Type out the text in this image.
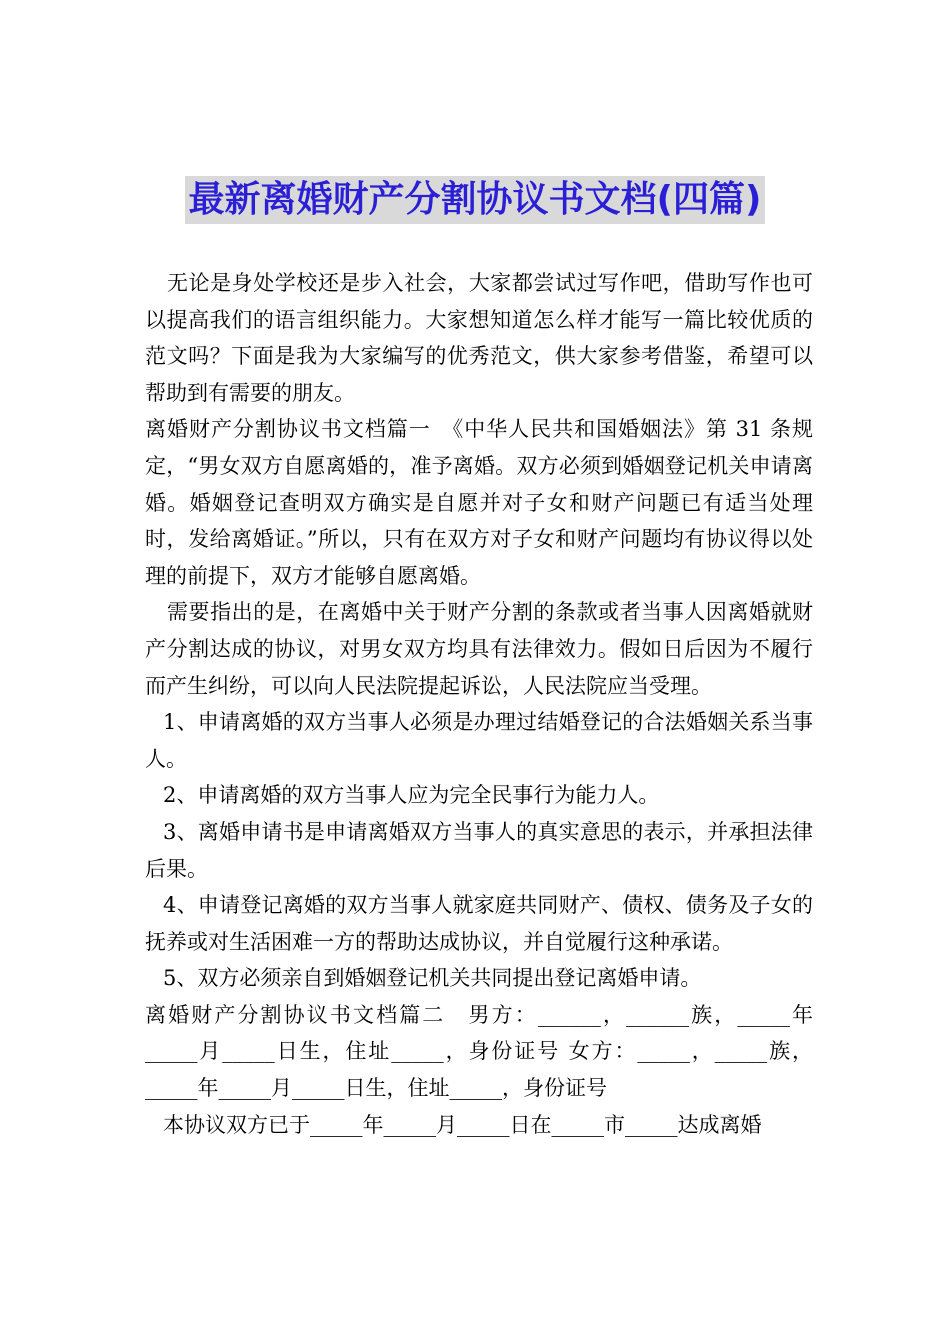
最新离婚财产分割协议书文档(四篇)

无论是身处学校还是步入社会，大家都尝试过写作吧，借助写作也可以提高我们的语言组织能力。大家想知道怎么样才能写一篇比较优质的范文吗？下面是我为大家编写的优秀范文，供大家参考借鉴，希望可以帮助到有需要的朋友。

离婚财产分割协议书文档篇一　《中华人民共和国婚姻法》第 31 条规定，“男女双方自愿离婚的，准予离婚。双方必须到婚姻登记机关申请离婚。婚姻登记查明双方确实是自愿并对子女和财产问题已有适当处理时，发给离婚证。”所以，只有在双方对子女和财产问题均有协议得以处理的前提下，双方才能够自愿离婚。

需要指出的是，在离婚中关于财产分割的条款或者当事人因离婚就财产分割达成的协议，对男女双方均具有法律效力。假如日后因为不履行而产生纠纷，可以向人民法院提起诉讼，人民法院应当受理。

1、申请离婚的双方当事人必须是办理过结婚登记的合法婚姻关系当事人。

2、申请离婚的双方当事人应为完全民事行为能力人。

3、离婚申请书是申请离婚双方当事人的真实意思的表示，并承担法律后果。

4、申请登记离婚的双方当事人就家庭共同财产、债权、债务及子女的抚养或对生活困难一方的帮助达成协议，并自觉履行这种承诺。

5、双方必须亲自到婚姻登记机关共同提出登记离婚申请。

离婚财产分割协议书文档篇二　男方：______，______族，_____年_____月_____日生，住址_____，身份证号 女方：_____，_____族，_____年_____月_____日生，住址_____，身份证号

本协议双方已于_____年_____月_____日在_____市_____达成离婚
